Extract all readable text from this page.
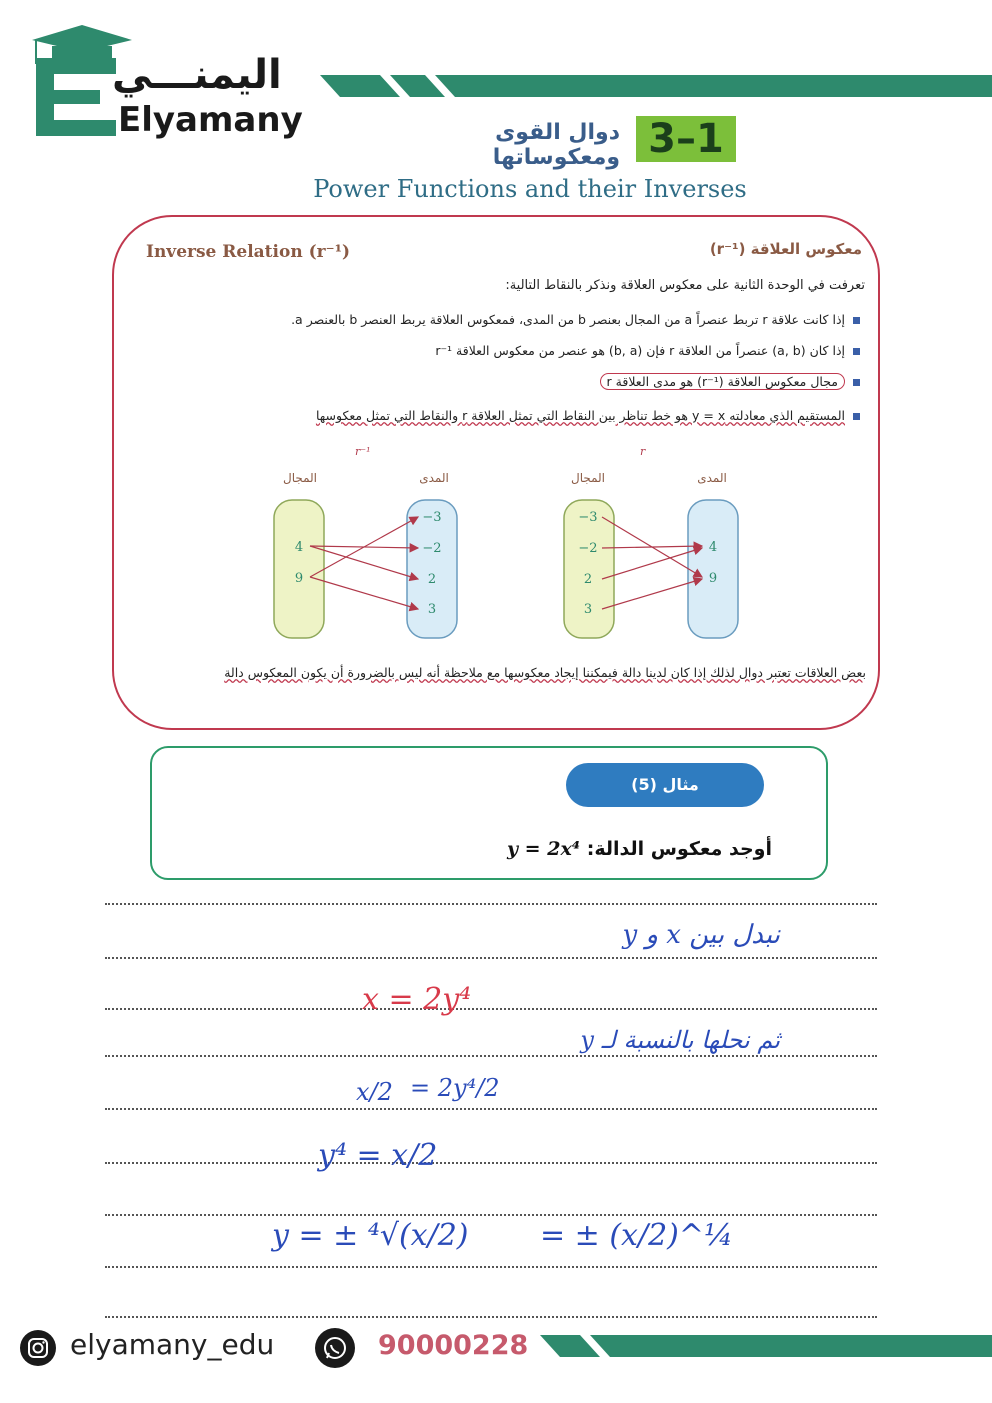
اليمنـــي
Elyamany	3–1
دوال القوى ومعكوساتها
Power Functions and their Inverses
Inverse Relation (r⁻¹)	معكوس العلاقة (r⁻¹)
تعرفت في الوحدة الثانية على معكوس العلاقة ونذكر بالنقاط التالية:
إذا كانت علاقة r تربط عنصراً a من المجال بعنصر b من المدى، فمعكوس العلاقة يربط العنصر b بالعنصر a.
إذا كان (a, b) عنصراً من العلاقة r فإن (b, a) هو عنصر من معكوس العلاقة r⁻¹
مجال معكوس العلاقة (r⁻¹) هو مدى العلاقة r
المستقيم الذي معادلته y = x هو خط تناظر بين النقاط التي تمثل العلاقة r والنقاط التي تمثل معكوسها
r⁻¹
المجال	المدى
4
9
−3
−2
2
3
r
المجال	المدى
−3
−2
2
3
4
9
بعض العلاقات تعتبر دوال لذلك إذا كان لدينا دالة فيمكننا إيجاد معكوسها مع ملاحظة أنه ليس بالضرورة أن يكون المعكوس دالة
مثال (5)
أوجد معكوس الدالة: y = 2x⁴
نبدل بين x و y
x = 2y⁴
ثم نحلها بالنسبة لـ y
x/2 = 2y⁴/2
y⁴ = x/2
y = ± ⁴√(x/2) = ± (x/2)^¼
elyamany_edu	90000228
